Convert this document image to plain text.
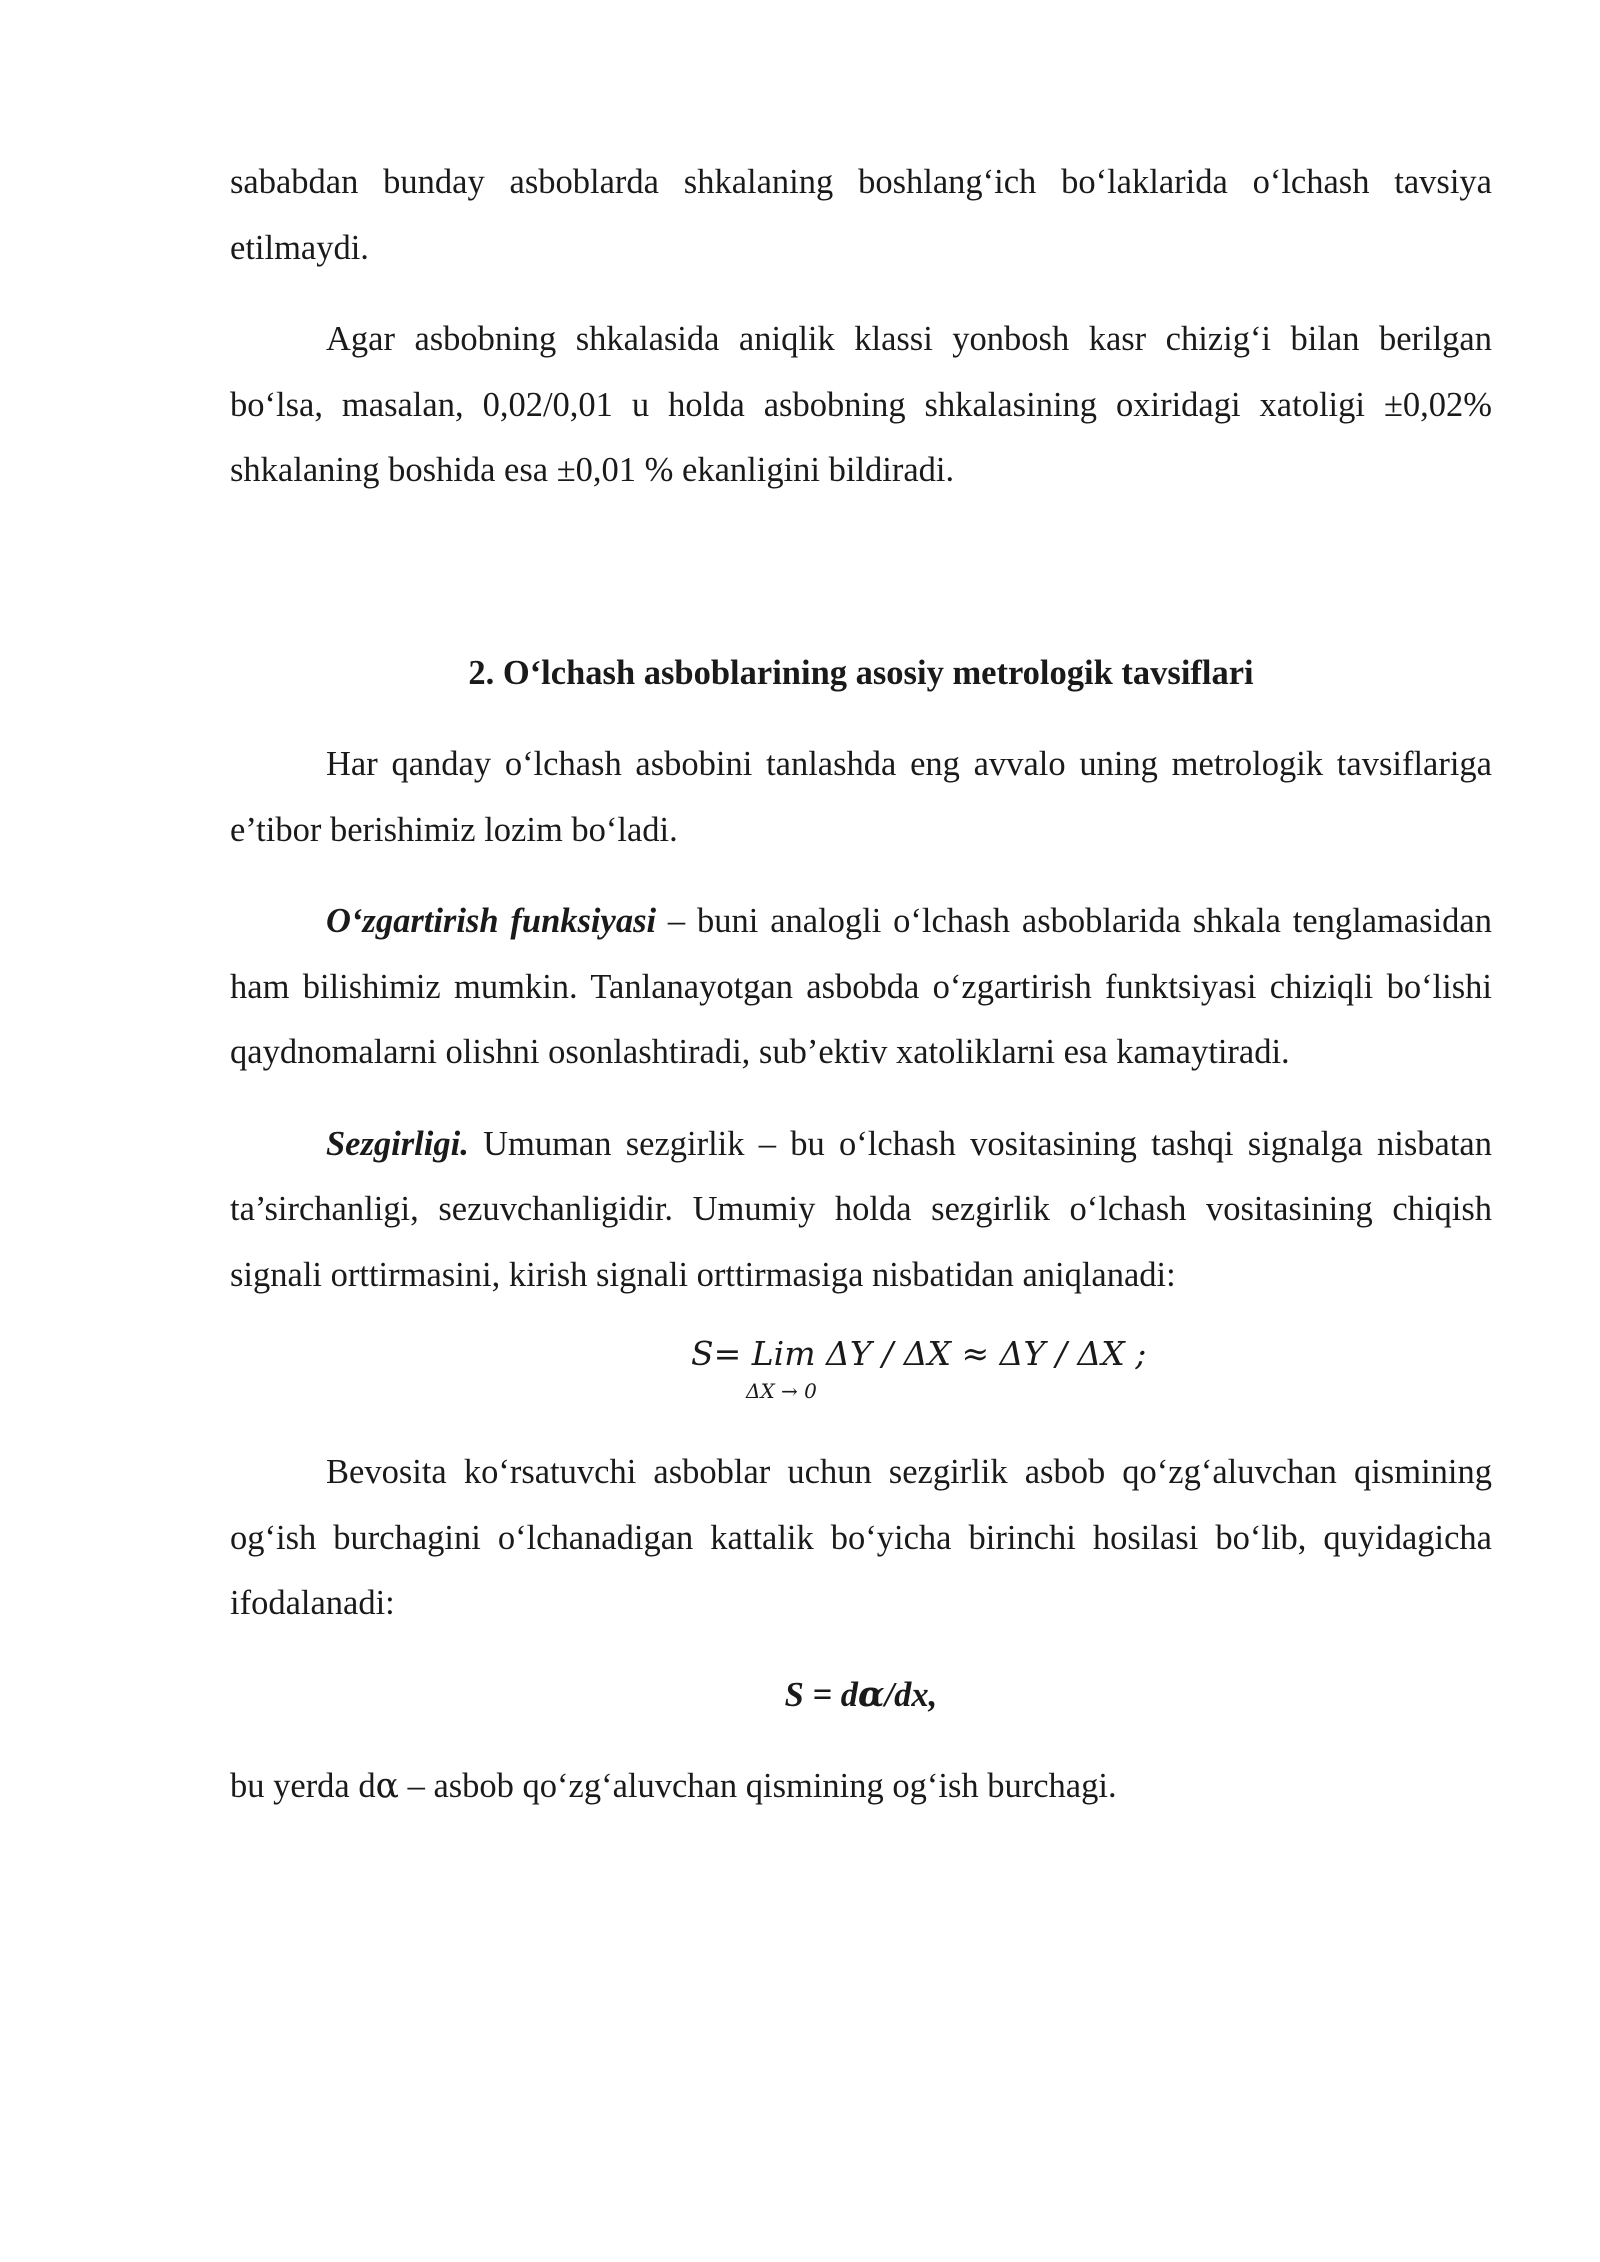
sababdan bunday asboblarda shkalaning boshlang‘ich bo‘laklarida o‘lchash tavsiya etilmaydi.

Agar asbobning shkalasida aniqlik klassi yonbosh kasr chizig‘i bilan berilgan bo‘lsa, masalan, 0,02/0,01 u holda asbobning shkalasining oxiridagi xatoligi ±0,02% shkalaning boshida esa ±0,01 % ekanligini bildiradi.

2. O‘lchash asboblarining asosiy metrologik tavsiflari

Har qanday o‘lchash asbobini tanlashda eng avvalo uning metrologik tavsiflariga e’tibor berishimiz lozim bo‘ladi.

O‘zgartirish funksiyasi – buni analogli o‘lchash asboblarida shkala tenglamasidan ham bilishimiz mumkin. Tanlanayotgan asbobda o‘zgartirish funktsiyasi chiziqli bo‘lishi qaydnomalarni olishni osonlashtiradi, sub’ektiv xatoliklarni esa kamaytiradi.

Sezgirligi. Umuman sezgirlik – bu o‘lchash vositasining tashqi signalga nisbatan ta’sirchanligi, sezuvchanligidir. Umumiy holda sezgirlik o‘lchash vositasining chiqish signali orttirmasini, kirish signali orttirmasiga nisbatidan aniqlanadi:

S= Lim ΔY / ΔX ≈ ΔY / ΔX ;
ΔX → 0

Bevosita ko‘rsatuvchi asboblar uchun sezgirlik asbob qo‘zg‘aluvchan qismining og‘ish burchagini o‘lchanadigan kattalik bo‘yicha birinchi hosilasi bo‘lib, quyidagicha ifodalanadi:

S = dα/dx,

bu yerda dα – asbob qo‘zg‘aluvchan qismining og‘ish burchagi.
